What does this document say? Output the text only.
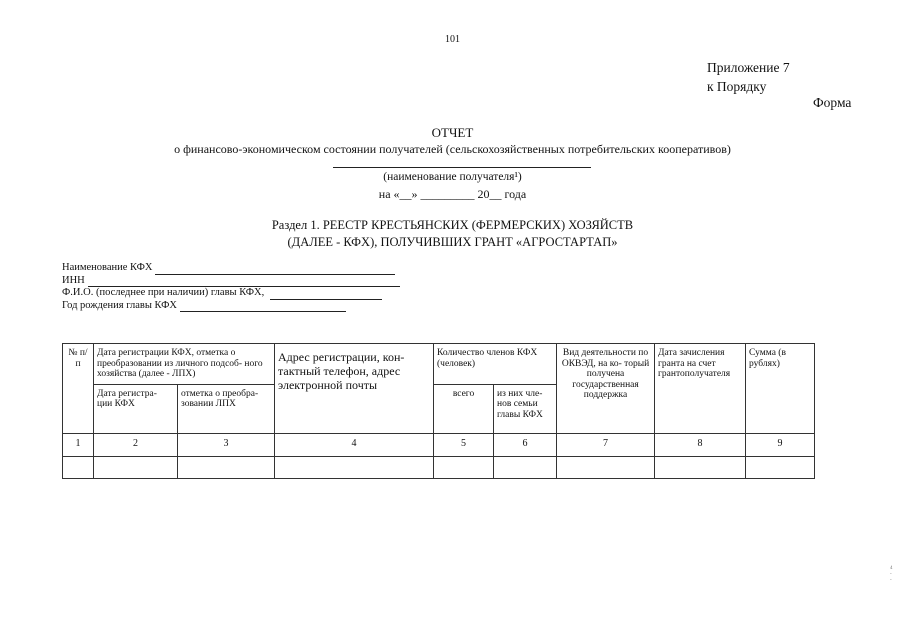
101
Приложение 7
к Порядку
Форма
ОТЧЕТ
о финансово-экономическом состоянии получателей (сельскохозяйственных потребительских кооперативов)
(наименование получателя¹)
на «__» _________ 20__ года
Раздел 1. РЕЕСТР КРЕСТЬЯНСКИХ (ФЕРМЕРСКИХ) ХОЗЯЙСТВ
(ДАЛЕЕ - КФХ), ПОЛУЧИВШИХ ГРАНТ «АГРОСТАРТАП»
Наименование КФХ
ИНН
Ф.И.О. (последнее при наличии) главы КФХ,
Год рождения главы КФХ
№ п/п	Дата регистрации КФХ, отметка о преобразовании из личного подсоб- ного хозяйства (далее - ЛПХ)		Адрес регистрации, кон- тактный телефон, адрес электронной почты	Количество членов КФХ (человек)		Вид деятельности по ОКВЭД, на ко- торый получена государственная поддержка	Дата зачисления гранта на счет грантополучателя	Сумма (в рублях)
	Дата регистра- ции КФХ	отметка о преобра- зовании ЛПХ		всего	из них чле- нов семьи главы КФХ			
1	2	3	4	5	6	7	8	9

4
-
-
